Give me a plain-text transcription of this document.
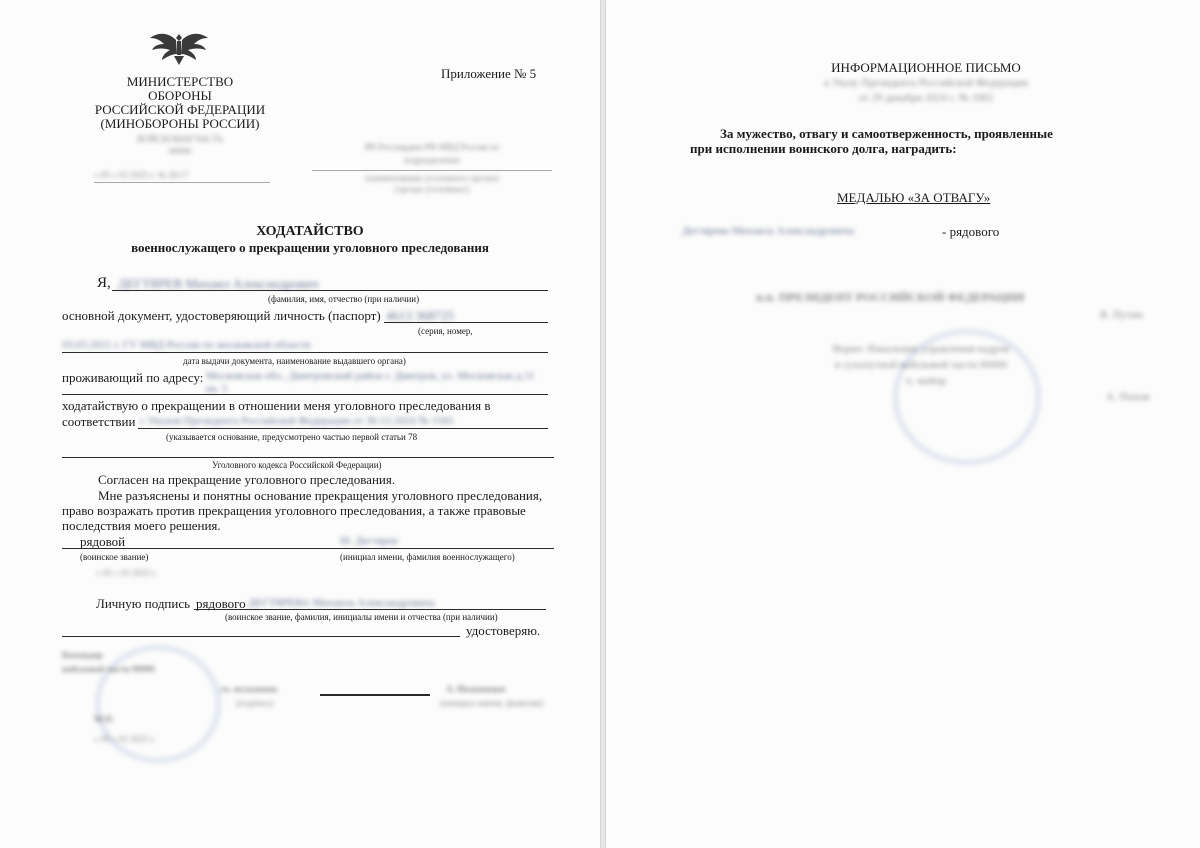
МИНИСТЕРСТВО
ОБОРОНЫ
РОССИЙСКОЙ ФЕДЕРАЦИИ
(МИНОБОРОНЫ РОССИИ)
ВОЙСКОВАЯ ЧАСТЬ
00000
« 05 » 03 2025 г. № 26/17
Приложение № 5
ВЧ Росгвардии РФ МВД России по
подразделение
(наименование уголовного органа)
(органа уголовных)
ХОДАТАЙСТВО
военнослужащего о прекращении уголовного преследования
Я, ДЕГТЯРЕВ Михаил Александрович
(фамилия, имя, отчество (при наличии)
основной документ, удостоверяющий личность (паспорт) 4613 368725
(серия, номер,
03.03.2021 г. ГУ МВД России по московской области
дата выдачи документа, наименование выдавшего органа)
проживающий по адресу: Московская обл., Дмитровский район г. Дмитров, ул. Московская д.11 кв. 5
ходатайствую о прекращении в отношении меня уголовного преследования в
соответствии с Указом Президента Российской Федерации от 30.12.2024 № 1565
(указывается основание, предусмотрено частью первой статьи 78
Уголовного кодекса Российской Федерации)
Согласен на прекращение уголовного преследования.
Мне разъяснены и понятны основание прекращения уголовного преследования,
право возражать против прекращения уголовного преследования, а также правовые
последствия моего решения.
рядовой	М. Дегтярев
(воинское звание)	(инициал имени, фамилия военнослужащего)
« 05 » 03 2025 г.
Личную подпись рядового ДЕГТЯРЕВА Михаила Александровича
(воинское звание, фамилия, инициалы имени и отчества (при наличии)
удостоверяю.
Командир
войсковой части 00000
гв. полковник	А. Ивашинцев
(подпись)	(инициал имени, фамилия)
М.П.
« 05 » 03 2025 г.
ИНФОРМАЦИОННОЕ ПИСЬМО
к Указу Президента Российской Федерации
от 29 декабря 2024 г. № 1002
За мужество, отвагу и самоотверженность, проявленные
при исполнении воинского долга, наградить:
МЕДАЛЬЮ «ЗА ОТВАГУ»
Дегтярева Михаила Александровича	- рядового
п.п. ПРЕЗИДЕНТ РОССИЙСКОЙ ФЕДЕРАЦИИ
В. Путин
Верно: Начальник управления кадров
в сухопутной войсковой части 00000
п. майор
А. Попов
